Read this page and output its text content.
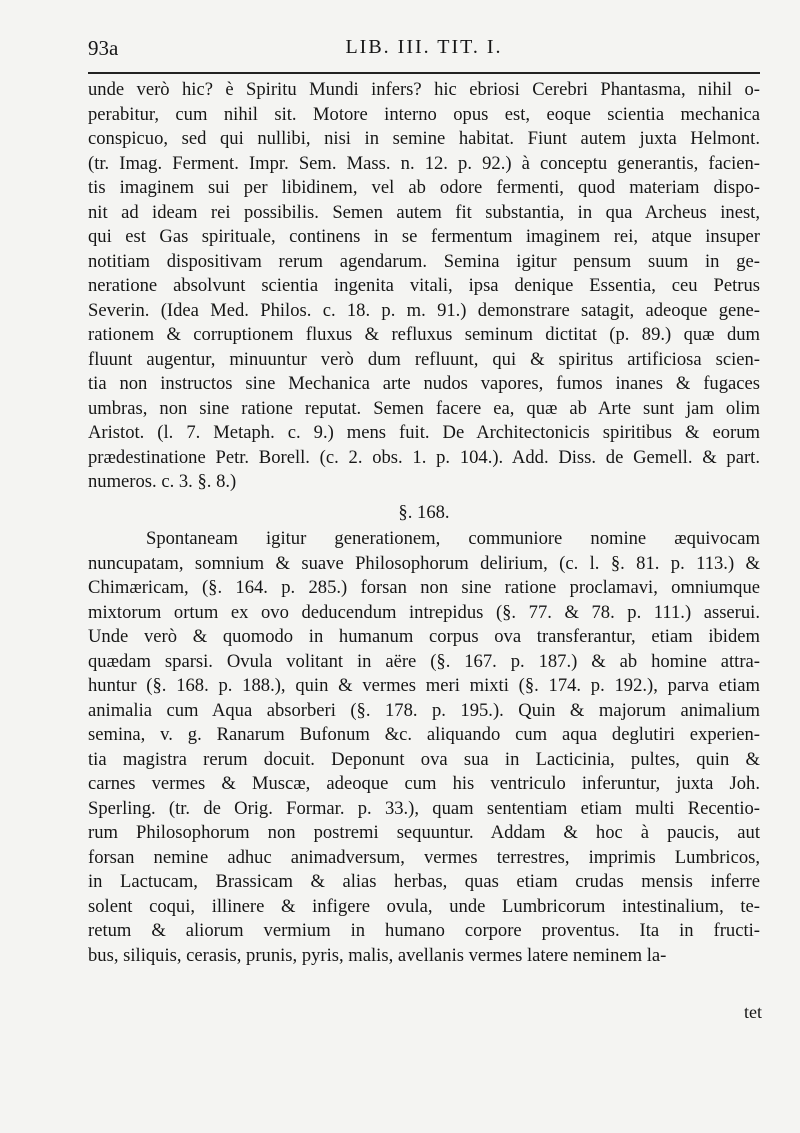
93a	LIB. III. TIT. I.
unde verò hic? è Spiritu Mundi infers? hic ebriosi Cerebri Phantasma, nihil o-
perabitur, cum nihil sit. Motore interno opus est, eoque scientia mechanica
conspicuo, sed qui nullibi, nisi in semine habitat. Fiunt autem juxta Helmont.
(tr. Imag. Ferment. Impr. Sem. Mass. n. 12. p. 92.) à conceptu generantis, facien-
tis imaginem sui per libidinem, vel ab odore fermenti, quod materiam dispo-
nit ad ideam rei possibilis. Semen autem fit substantia, in qua Archeus inest,
qui est Gas spirituale, continens in se fermentum imaginem rei, atque insuper
notitiam dispositivam rerum agendarum. Semina igitur pensum suum in ge-
neratione absolvunt scientia ingenita vitali, ipsa denique Essentia, ceu Petrus
Severin. (Idea Med. Philos. c. 18. p. m. 91.) demonstrare satagit, adeoque gene-
rationem & corruptionem fluxus & refluxus seminum dictitat (p. 89.) quæ dum
fluunt augentur, minuuntur verò dum refluunt, qui & spiritus artificiosa scien-
tia non instructos sine Mechanica arte nudos vapores, fumos inanes & fugaces
umbras, non sine ratione reputat. Semen facere ea, quæ ab Arte sunt jam olim
Aristot. (l. 7. Metaph. c. 9.) mens fuit. De Architectonicis spiritibus & eorum
prædestinatione Petr. Borell. (c. 2. obs. 1. p. 104.). Add. Diss. de Gemell. & part.
numeros. c. 3. §. 8.)
§. 168.
Spontaneam igitur generationem, communiore nomine æquivocam
nuncupatam, somnium & suave Philosophorum delirium, (c. l. §. 81. p. 113.) &
Chimæricam, (§. 164. p. 285.) forsan non sine ratione proclamavi, omniumque
mixtorum ortum ex ovo deducendum intrepidus (§. 77. & 78. p. 111.) asserui.
Unde verò & quomodo in humanum corpus ova transferantur, etiam ibidem
quædam sparsi. Ovula volitant in aëre (§. 167. p. 187.) & ab homine attra-
huntur (§. 168. p. 188.), quin & vermes meri mixti (§. 174. p. 192.), parva etiam
animalia cum Aqua absorberi (§. 178. p. 195.). Quin & majorum animalium
semina, v. g. Ranarum Bufonum &c. aliquando cum aqua deglutiri experien-
tia magistra rerum docuit. Deponunt ova sua in Lacticinia, pultes, quin &
carnes vermes & Muscæ, adeoque cum his ventriculo inferuntur, juxta Joh.
Sperling. (tr. de Orig. Formar. p. 33.), quam sententiam etiam multi Recentio-
rum Philosophorum non postremi sequuntur. Addam & hoc à paucis, aut
forsan nemine adhuc animadversum, vermes terrestres, imprimis Lumbricos,
in Lactucam, Brassicam & alias herbas, quas etiam crudas mensis inferre
solent coqui, illinere & infigere ovula, unde Lumbricorum intestinalium, te-
retum & aliorum vermium in humano corpore proventus. Ita in fructi-
bus, siliquis, cerasis, prunis, pyris, malis, avellanis vermes latere neminem la-
tet
